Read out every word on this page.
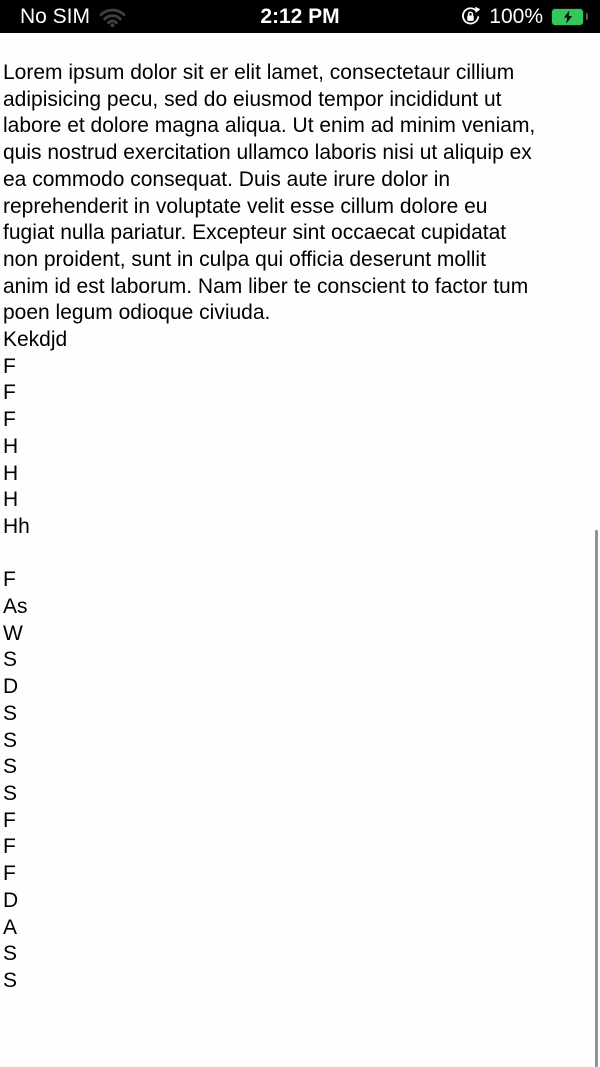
No SIM	2:12 PM	100%
Lorem ipsum dolor sit er elit lamet, consectetaur cillium
adipisicing pecu, sed do eiusmod tempor incididunt ut
labore et dolore magna aliqua. Ut enim ad minim veniam,
quis nostrud exercitation ullamco laboris nisi ut aliquip ex
ea commodo consequat. Duis aute irure dolor in
reprehenderit in voluptate velit esse cillum dolore eu
fugiat nulla pariatur. Excepteur sint occaecat cupidatat
non proident, sunt in culpa qui officia deserunt mollit
anim id est laborum. Nam liber te conscient to factor tum
poen legum odioque civiuda.
Kekdjd
F
F
F
H
H
H
Hh

F
As
W
S
D
S
S
S
S
F
F
F
D
A
S
S
